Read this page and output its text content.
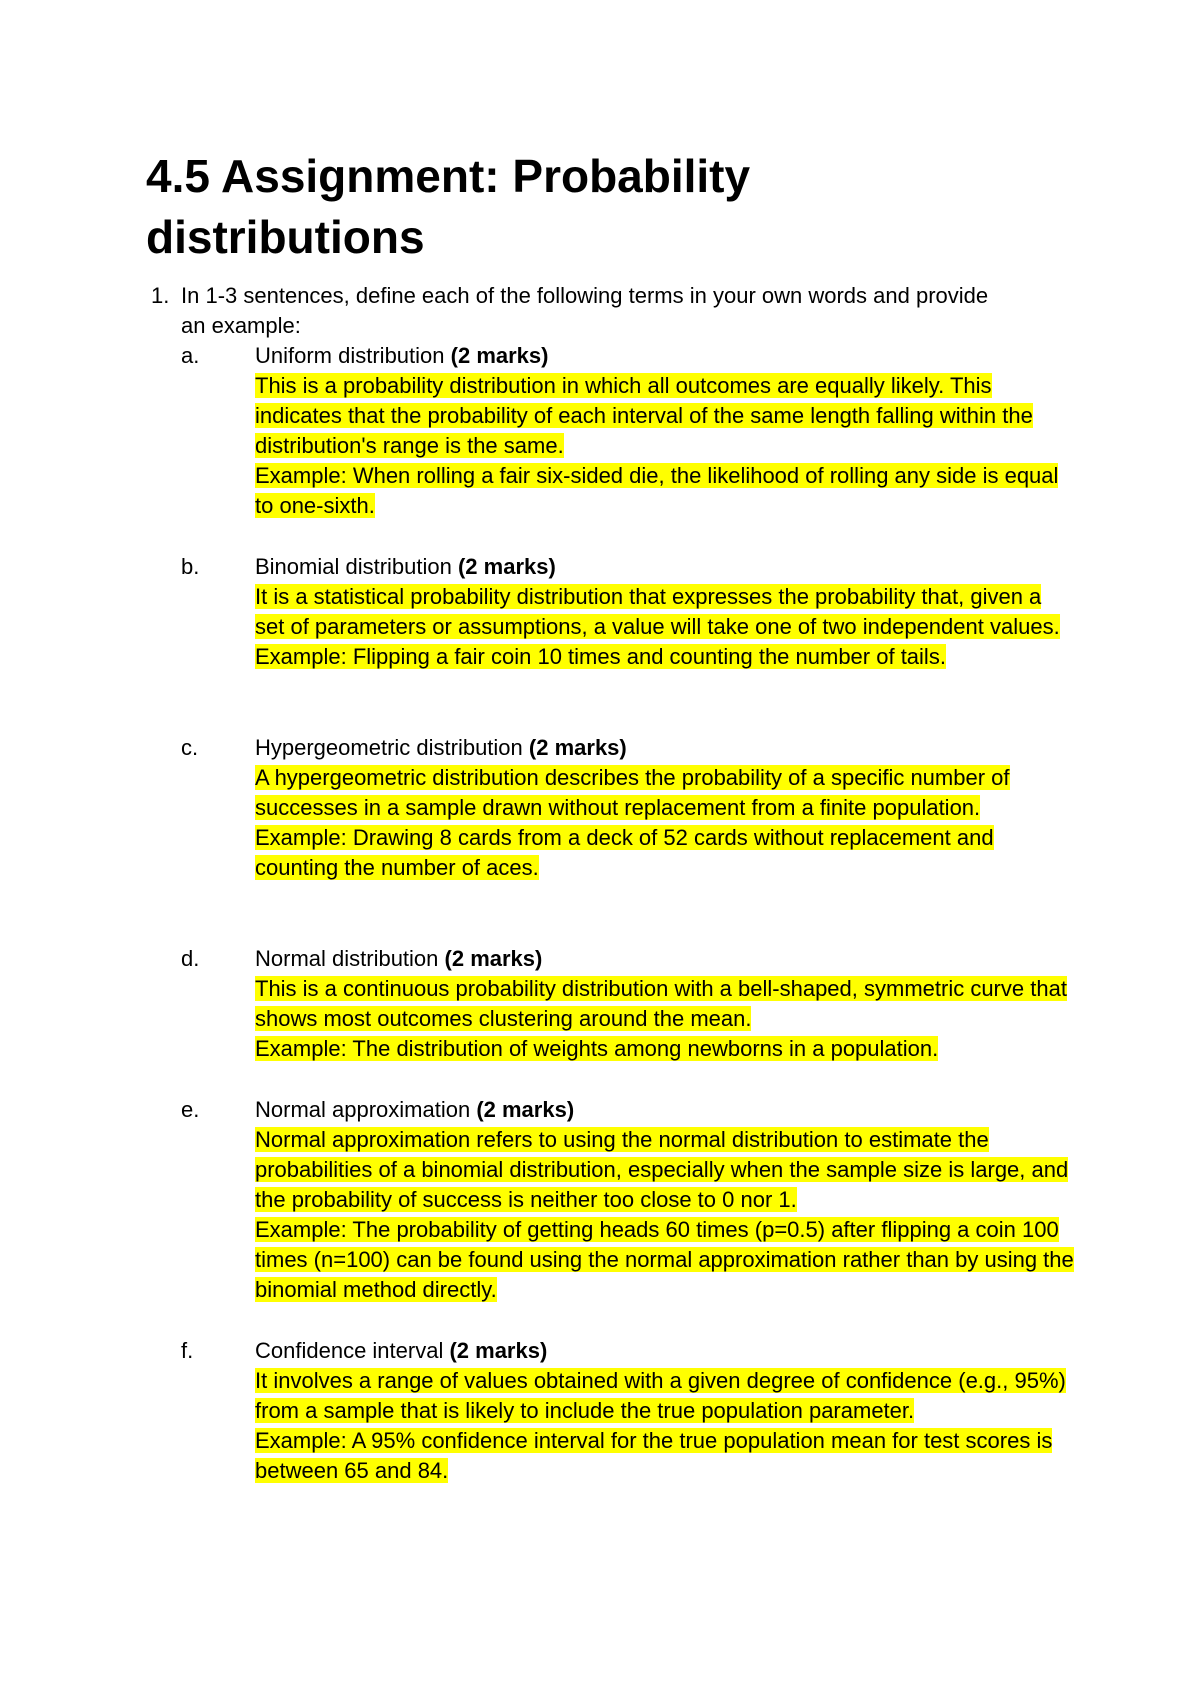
4.5 Assignment: Probability distributions
1. In 1-3 sentences, define each of the following terms in your own words and provide an example:

a.	Uniform distribution (2 marks)

This is a probability distribution in which all outcomes are equally likely. This indicates that the probability of each interval of the same length falling within the distribution's range is the same.
Example: When rolling a fair six-sided die, the likelihood of rolling any side is equal to one-sixth.

b.	Binomial distribution (2 marks)

It is a statistical probability distribution that expresses the probability that, given a set of parameters or assumptions, a value will take one of two independent values.
Example: Flipping a fair coin 10 times and counting the number of tails.

c.	Hypergeometric distribution (2 marks)

A hypergeometric distribution describes the probability of a specific number of successes in a sample drawn without replacement from a finite population.
Example: Drawing 8 cards from a deck of 52 cards without replacement and counting the number of aces.

d.	Normal distribution (2 marks)

This is a continuous probability distribution with a bell-shaped, symmetric curve that shows most outcomes clustering around the mean.
Example: The distribution of weights among newborns in a population.

e.	Normal approximation (2 marks)

Normal approximation refers to using the normal distribution to estimate the probabilities of a binomial distribution, especially when the sample size is large, and the probability of success is neither too close to 0 nor 1.
Example: The probability of getting heads 60 times (p=0.5) after flipping a coin 100 times (n=100) can be found using the normal approximation rather than by using the binomial method directly.

f.	Confidence interval (2 marks)

It involves a range of values obtained with a given degree of confidence (e.g., 95%) from a sample that is likely to include the true population parameter.
Example: A 95% confidence interval for the true population mean for test scores is between 65 and 84.
